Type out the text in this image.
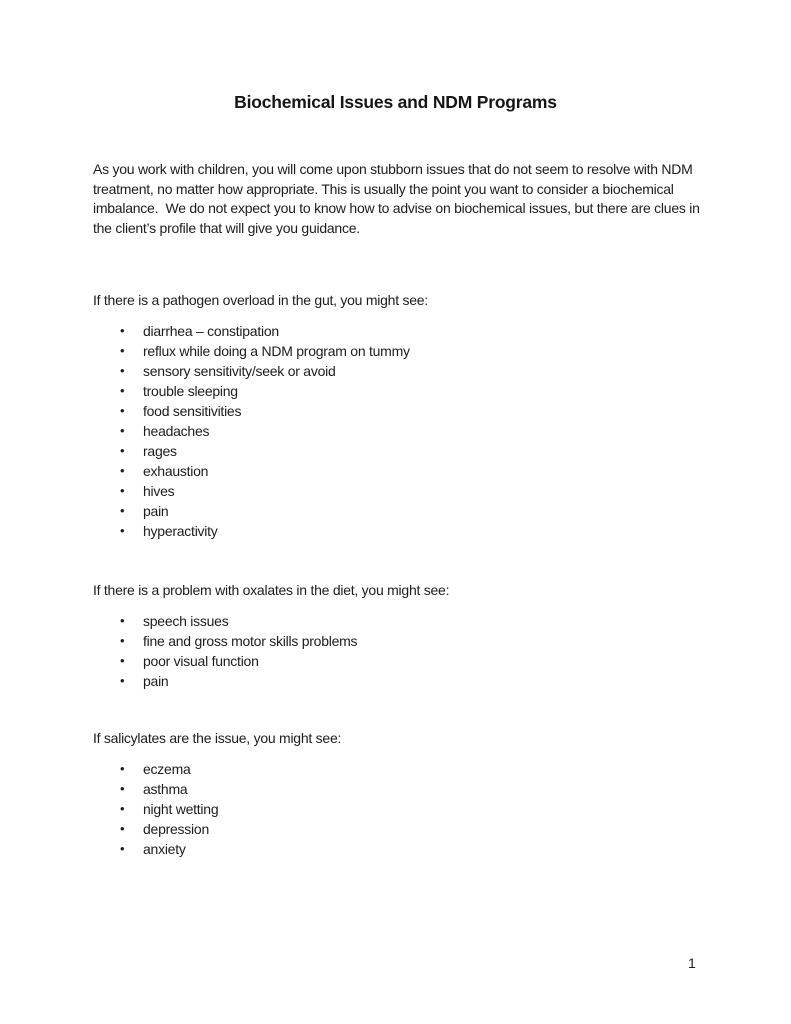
Biochemical Issues and NDM Programs

As you work with children, you will come upon stubborn issues that do not seem to resolve with NDM treatment, no matter how appropriate. This is usually the point you want to consider a biochemical imbalance.  We do not expect you to know how to advise on biochemical issues, but there are clues in the client’s profile that will give you guidance.

If there is a pathogen overload in the gut, you might see:

• diarrhea – constipation
• reflux while doing a NDM program on tummy
• sensory sensitivity/seek or avoid
• trouble sleeping
• food sensitivities
• headaches
• rages
• exhaustion
• hives
• pain
• hyperactivity

If there is a problem with oxalates in the diet, you might see:

• speech issues
• fine and gross motor skills problems
• poor visual function
• pain

If salicylates are the issue, you might see:

• eczema
• asthma
• night wetting
• depression
• anxiety
1
